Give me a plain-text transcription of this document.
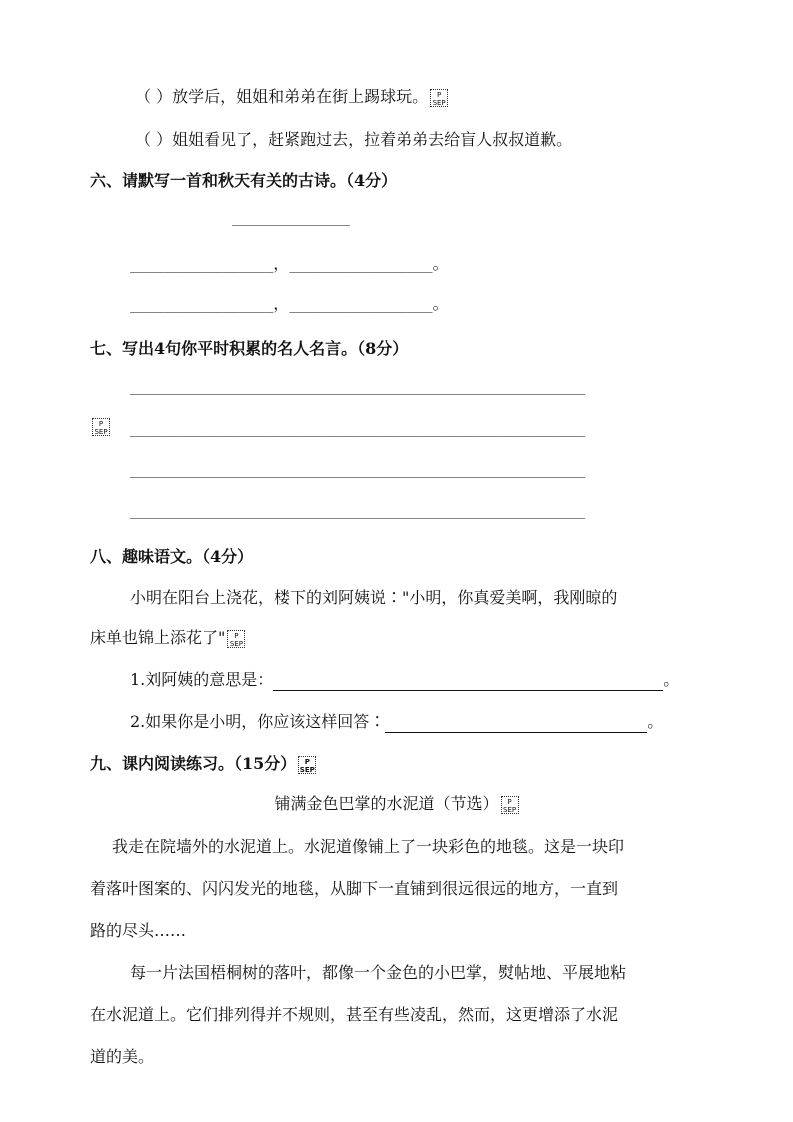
（ ）放学后，姐姐和弟弟在街上踢球玩。 P
SEP
（ ）姐姐看见了，赶紧跑过去，拉着弟弟去给盲人叔叔道歉。
六、请默写一首和秋天有关的古诗。（4分）
______________
_________________，_________________。
_________________，_________________。
七、写出4句你平时积累的名人名言。（8分）
______________________________________________________
P
SEP ______________________________________________________
______________________________________________________
______________________________________________________
八、趣味语文。（4分）
小明在阳台上浇花，楼下的刘阿姨说∶"小明，你真爱美啊，我刚晾的
床单也锦上添花了" P
SEP
1.刘阿姨的意思是：	。
2.如果你是小明，你应该这样回答∶	。
九、课内阅读练习。（15分） P
SEP
铺满金色巴掌的水泥道（节选） P
SEP
我走在院墙外的水泥道上。水泥道像铺上了一块彩色的地毯。这是一块印
着落叶图案的、闪闪发光的地毯，从脚下一直铺到很远很远的地方，一直到
路的尽头……
每一片法国梧桐树的落叶，都像一个金色的小巴掌，熨帖地、平展地粘
在水泥道上。它们排列得并不规则，甚至有些凌乱，然而，这更增添了水泥
道的美。
